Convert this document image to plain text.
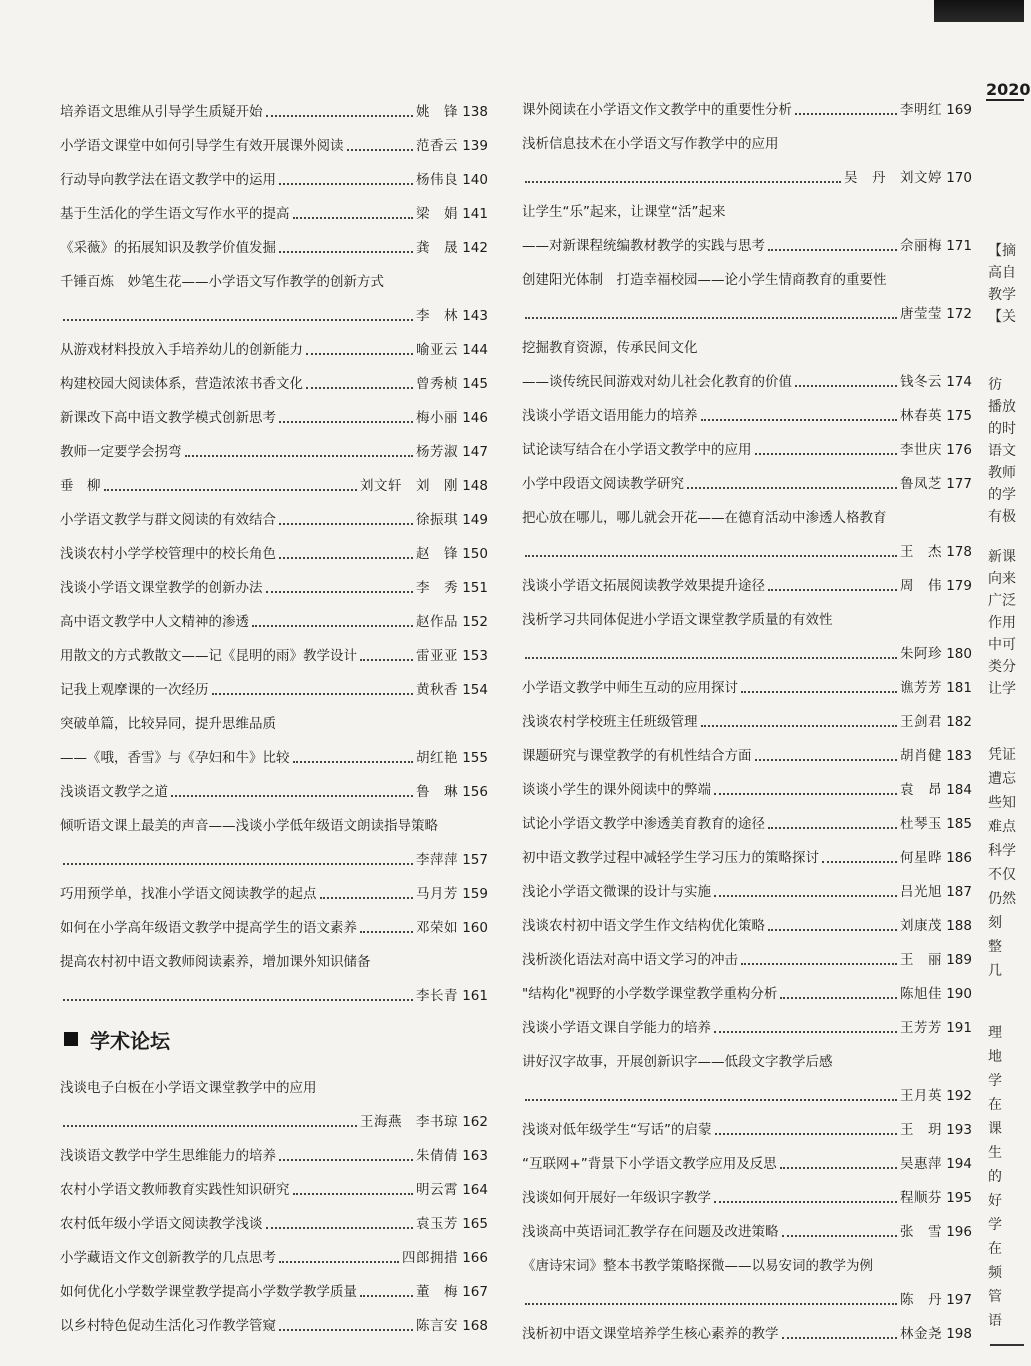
2020
培养语文思维从引导学生质疑开始	姚　锋 138
小学语文课堂中如何引导学生有效开展课外阅读	范香云 139
行动导向教学法在语文教学中的运用	杨伟良 140
基于生活化的学生语文写作水平的提高	梁　娟 141
《采薇》的拓展知识及教学价值发掘	龚　晟 142
千锤百炼　妙笔生花——小学语文写作教学的创新方式
李　林 143
从游戏材料投放入手培养幼儿的创新能力	喻亚云 144
构建校园大阅读体系，营造浓浓书香文化	曾秀桢 145
新课改下高中语文教学模式创新思考	梅小丽 146
教师一定要学会拐弯	杨芳淑 147
垂　柳	刘文轩　刘　刚 148
小学语文教学与群文阅读的有效结合	徐振琪 149
浅谈农村小学学校管理中的校长角色	赵　锋 150
浅谈小学语文课堂教学的创新办法	李　秀 151
高中语文教学中人文精神的渗透	赵作品 152
用散文的方式教散文——记《昆明的雨》教学设计	雷亚亚 153
记我上观摩课的一次经历	黄秋香 154
突破单篇，比较异同，提升思维品质
——《哦，香雪》与《孕妇和牛》比较	胡红艳 155
浅谈语文教学之道	鲁　琳 156
倾听语文课上最美的声音——浅谈小学低年级语文朗读指导策略
李萍萍 157
巧用预学单，找准小学语文阅读教学的起点	马月芳 159
如何在小学高年级语文教学中提高学生的语文素养	邓荣如 160
提高农村初中语文教师阅读素养，增加课外知识储备
李长青 161
学术论坛
浅谈电子白板在小学语文课堂教学中的应用
王海燕　李书琼 162
浅谈语文教学中学生思维能力的培养	朱倩倩 163
农村小学语文教师教育实践性知识研究	明云霄 164
农村低年级小学语文阅读教学浅谈	袁玉芳 165
小学藏语文作文创新教学的几点思考	四郎拥措 166
如何优化小学数学课堂教学提高小学数学教学质量	董　梅 167
以乡村特色促动生活化习作教学管窥	陈言安 168
课外阅读在小学语文作文教学中的重要性分析	李明红 169
浅析信息技术在小学语文写作教学中的应用
吴　丹　刘文婷 170
让学生“乐”起来，让课堂“活”起来
——对新课程统编教材教学的实践与思考	佘丽梅 171
创建阳光体制　打造幸福校园——论小学生情商教育的重要性
唐莹莹 172
挖掘教育资源，传承民间文化
——谈传统民间游戏对幼儿社会化教育的价值	钱冬云 174
浅谈小学语文语用能力的培养	林春英 175
试论读写结合在小学语文教学中的应用	李世庆 176
小学中段语文阅读教学研究	鲁凤芝 177
把心放在哪儿，哪儿就会开花——在德育活动中渗透人格教育
王　杰 178
浅谈小学语文拓展阅读教学效果提升途径	周　伟 179
浅析学习共同体促进小学语文课堂教学质量的有效性
朱阿珍 180
小学语文教学中师生互动的应用探讨	谯芳芳 181
浅谈农村学校班主任班级管理	王剑君 182
课题研究与课堂教学的有机性结合方面	胡肖健 183
谈谈小学生的课外阅读中的弊端	袁　昂 184
试论小学语文教学中渗透美育教育的途径	杜琴玉 185
初中语文教学过程中减轻学生学习压力的策略探讨	何星晔 186
浅论小学语文微课的设计与实施	吕光旭 187
浅谈农村初中语文学生作文结构优化策略	刘康茂 188
浅析淡化语法对高中语文学习的冲击	王　丽 189
"结构化"视野的小学数学课堂教学重构分析	陈旭佳 190
浅谈小学语文课自学能力的培养	王芳芳 191
讲好汉字故事，开展创新识字——低段文字教学后感
王月英 192
浅谈对低年级学生“写话”的启蒙	王　玥 193
“互联网+”背景下小学语文教学应用及反思	吴惠萍 194
浅谈如何开展好一年级识字教学	程顺芬 195
浅谈高中英语词汇教学存在问题及改进策略	张　雪 196
《唐诗宋词》整本书教学策略探微——以易安词的教学为例
陈　丹 197
浅析初中语文课堂培养学生核心素养的教学	林金尧 198
【摘
高自
教学
【关
彷
播放
的时
语文
教师
的学
有极
新课
向来
广泛
作用
中可
类分
让学
凭证
遭忘
些知
难点
科学
不仅
仍然
刻
整
几
理
地
学
在
课
生
的
好
学
在
频
管
语
